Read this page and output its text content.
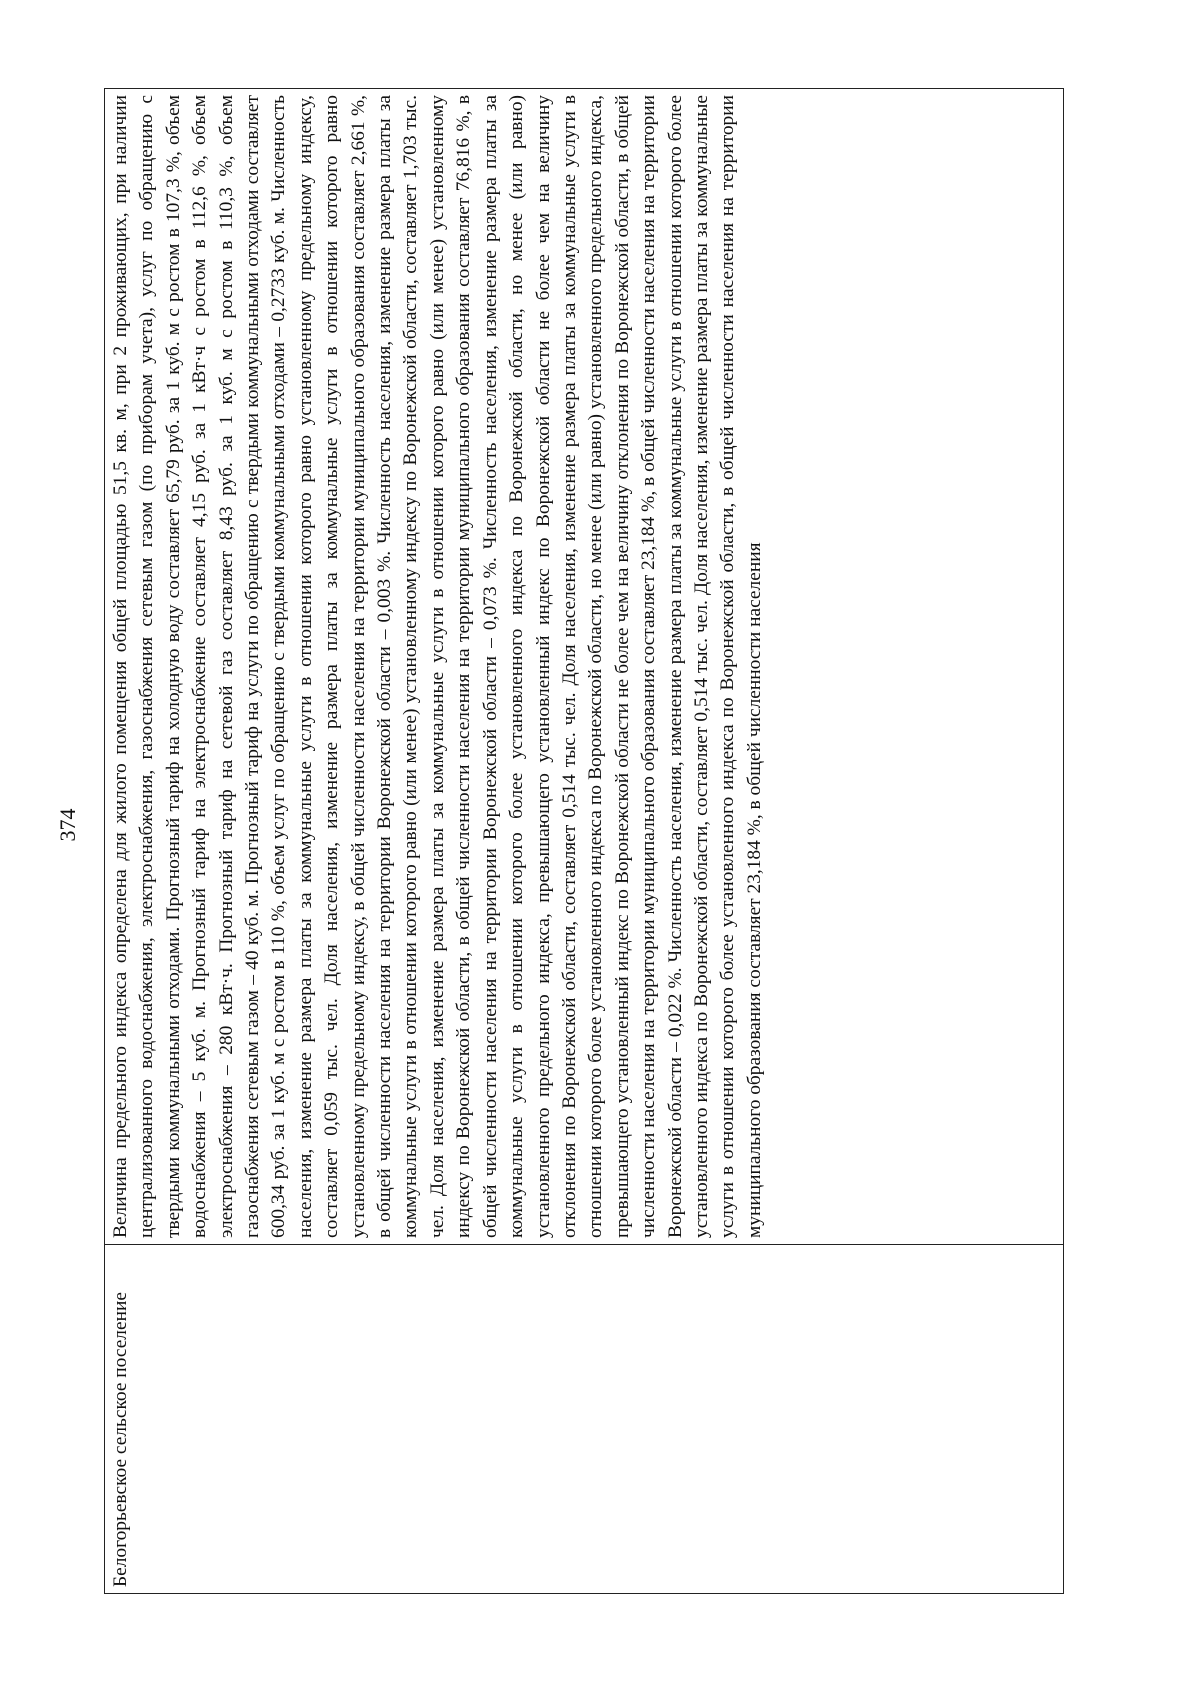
374
Белогорьевское сельское поселение	Величина предельного индекса определена для жилого помещения общей площадью 51,5 кв. м, при 2 проживающих, при наличии централизованного водоснабжения, электроснабжения, газоснабжения сетевым газом (по приборам учета), услуг по обращению с твердыми коммунальными отходами. Прогнозный тариф на холодную воду составляет 65,79 руб. за 1 куб. м с ростом в 107,3 %, объем водоснабжения – 5 куб. м. Прогнозный тариф на электроснабжение составляет 4,15 руб. за 1 кВт·ч с ростом в 112,6 %, объем электроснабжения – 280 кВт·ч. Прогнозный тариф на сетевой газ составляет 8,43 руб. за 1 куб. м с ростом в 110,3 %, объем газоснабжения сетевым газом – 40 куб. м. Прогнозный тариф на услуги по обращению с твердыми коммунальными отходами составляет 600,34 руб. за 1 куб. м с ростом в 110 %, объем услуг по обращению с твердыми коммунальными отходами – 0,2733 куб. м. Численность населения, изменение размера платы за коммунальные услуги в отношении которого равно установленному предельному индексу, составляет 0,059 тыс. чел. Доля населения, изменение размера платы за коммунальные услуги в отношении которого равно установленному предельному индексу, в общей численности населения на территории муниципального образования составляет 2,661 %, в общей численности населения на территории Воронежской области – 0,003 %. Численность населения, изменение размера платы за коммунальные услуги в отношении которого равно (или менее) установленному индексу по Воронежской области, составляет 1,703 тыс. чел. Доля населения, изменение размера платы за коммунальные услуги в отношении которого равно (или менее) установленному индексу по Воронежской области, в общей численности населения на территории муниципального образования составляет 76,816 %, в общей численности населения на территории Воронежской области – 0,073 %. Численность населения, изменение размера платы за коммунальные услуги в отношении которого более установленного индекса по Воронежской области, но менее (или равно) установленного предельного индекса, превышающего установленный индекс по Воронежской области не более чем на величину отклонения по Воронежской области, составляет 0,514 тыс. чел. Доля населения, изменение размера платы за коммунальные услуги в отношении которого более установленного индекса по Воронежской области, но менее (или равно) установленного предельного индекса, превышающего установленный индекс по Воронежской области не более чем на величину отклонения по Воронежской области, в общей численности населения на территории муниципального образования составляет 23,184 %, в общей численности населения на территории Воронежской области – 0,022 %. Численность населения, изменение размера платы за коммунальные услуги в отношении которого более установленного индекса по Воронежской области, составляет 0,514 тыс. чел. Доля населения, изменение размера платы за коммунальные услуги в отношении которого более установленного индекса по Воронежской области, в общей численности населения на территории муниципального образования составляет 23,184 %, в общей численности населения
